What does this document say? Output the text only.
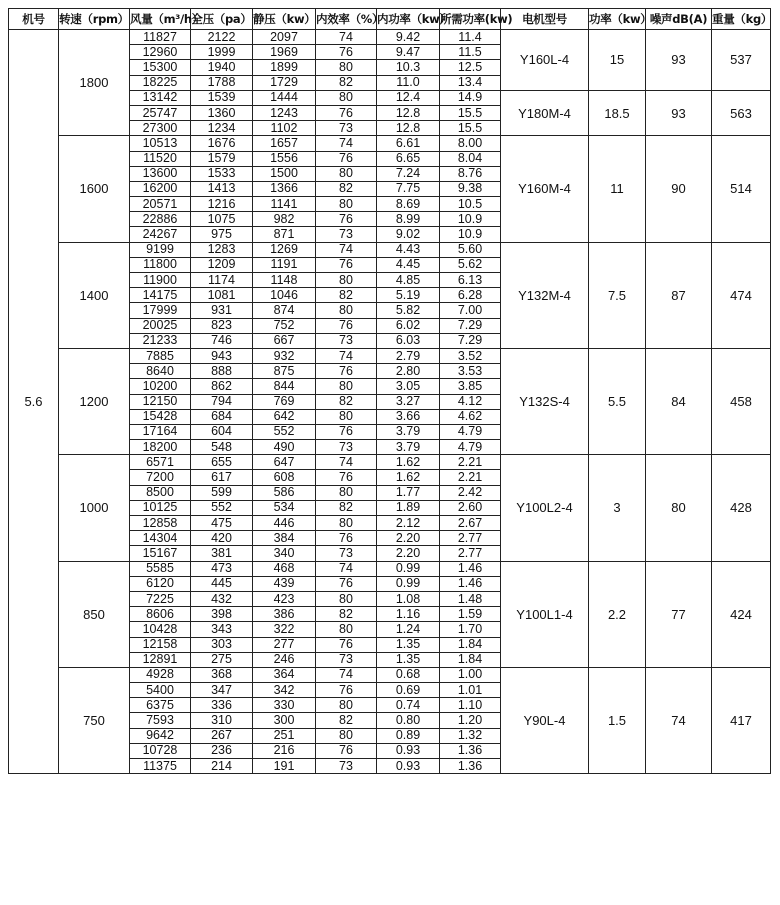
机号	转速（rpm）	风量（m³/h）	全压（pa）	静压（kw）	内效率（%）	内功率（kw）	所需功率(kw)	电机型号	功率（kw）	噪声dB(A)	重量（kg）
5.6	1800	11827	2122	2097	74	9.42	11.4	Y160L-4	15	93	537
		12960	1999	1969	76	9.47	11.5				
		15300	1940	1899	80	10.3	12.5				
		18225	1788	1729	82	11.0	13.4				
		13142	1539	1444	80	12.4	14.9	Y180M-4	18.5	93	563
		25747	1360	1243	76	12.8	15.5				
		27300	1234	1102	73	12.8	15.5				
	1600	10513	1676	1657	74	6.61	8.00	Y160M-4	11	90	514
		11520	1579	1556	76	6.65	8.04				
		13600	1533	1500	80	7.24	8.76				
		16200	1413	1366	82	7.75	9.38				
		20571	1216	1141	80	8.69	10.5				
		22886	1075	982	76	8.99	10.9				
		24267	975	871	73	9.02	10.9				
	1400	9199	1283	1269	74	4.43	5.60	Y132M-4	7.5	87	474
		11800	1209	1191	76	4.45	5.62				
		11900	1174	1148	80	4.85	6.13				
		14175	1081	1046	82	5.19	6.28				
		17999	931	874	80	5.82	7.00				
		20025	823	752	76	6.02	7.29				
		21233	746	667	73	6.03	7.29				
	1200	7885	943	932	74	2.79	3.52	Y132S-4	5.5	84	458
		8640	888	875	76	2.80	3.53				
		10200	862	844	80	3.05	3.85				
		12150	794	769	82	3.27	4.12				
		15428	684	642	80	3.66	4.62				
		17164	604	552	76	3.79	4.79				
		18200	548	490	73	3.79	4.79				
	1000	6571	655	647	74	1.62	2.21	Y100L2-4	3	80	428
		7200	617	608	76	1.62	2.21				
		8500	599	586	80	1.77	2.42				
		10125	552	534	82	1.89	2.60				
		12858	475	446	80	2.12	2.67				
		14304	420	384	76	2.20	2.77				
		15167	381	340	73	2.20	2.77				
	850	5585	473	468	74	0.99	1.46	Y100L1-4	2.2	77	424
		6120	445	439	76	0.99	1.46				
		7225	432	423	80	1.08	1.48				
		8606	398	386	82	1.16	1.59				
		10428	343	322	80	1.24	1.70				
		12158	303	277	76	1.35	1.84				
		12891	275	246	73	1.35	1.84				
	750	4928	368	364	74	0.68	1.00	Y90L-4	1.5	74	417
		5400	347	342	76	0.69	1.01				
		6375	336	330	80	0.74	1.10				
		7593	310	300	82	0.80	1.20				
		9642	267	251	80	0.89	1.32				
		10728	236	216	76	0.93	1.36				
		11375	214	191	73	0.93	1.36				
